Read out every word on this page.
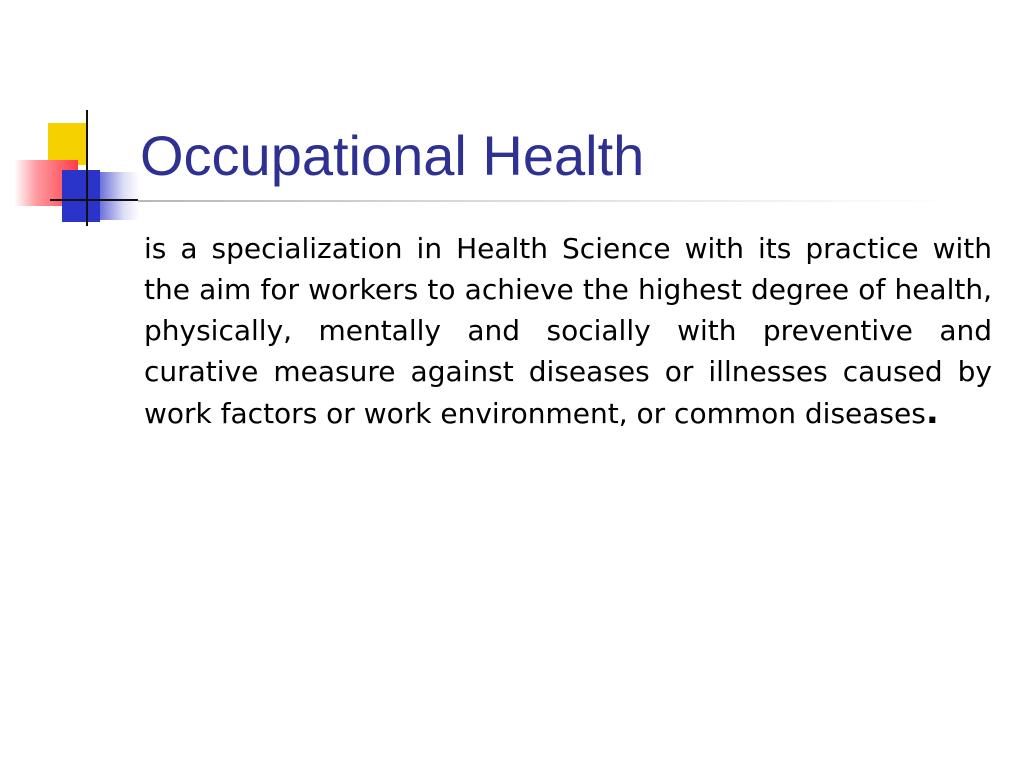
Occupational Health

is a specialization in Health Science with its practice with the aim for workers to achieve the highest degree of health, physically, mentally and socially with preventive and curative measure against diseases or illnesses caused by work factors or work environment, or common diseases.
